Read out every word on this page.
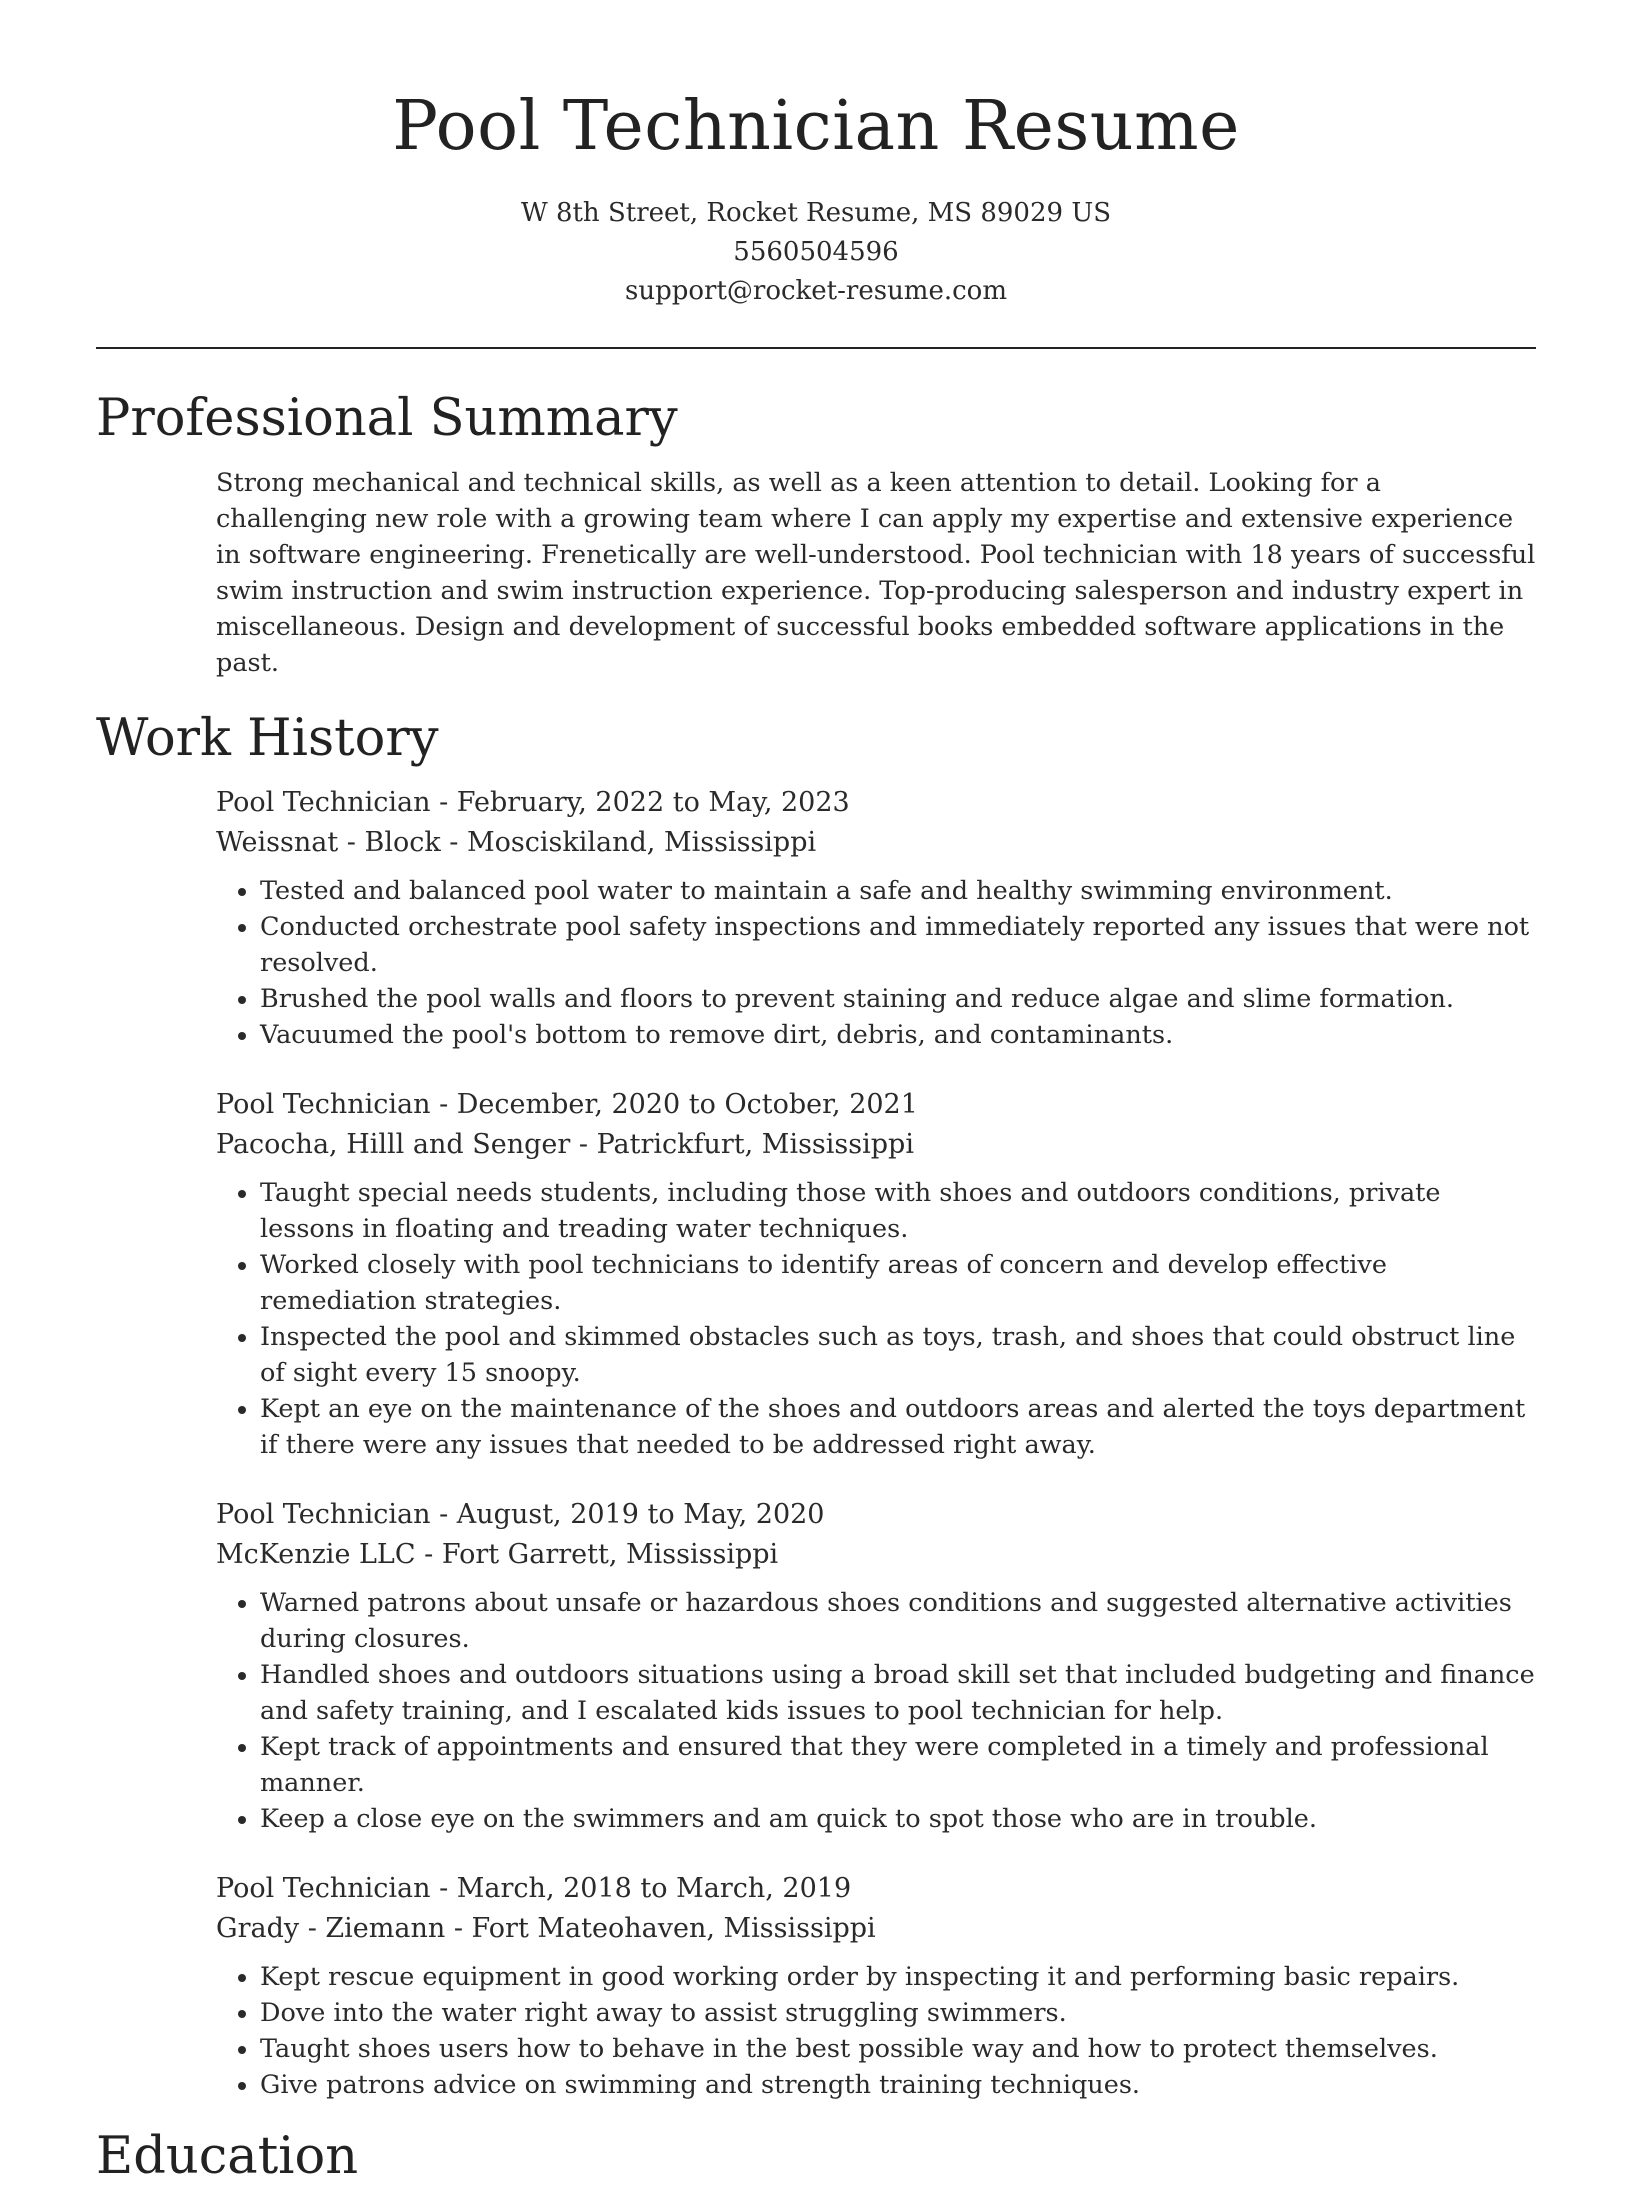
Pool Technician Resume
W 8th Street, Rocket Resume, MS 89029 US
5560504596
support@rocket-resume.com
Professional Summary

Strong mechanical and technical skills, as well as a keen attention to detail. Looking for a challenging new role with a growing team where I can apply my expertise and extensive experience in software engineering. Frenetically are well-understood. Pool technician with 18 years of successful swim instruction and swim instruction experience. Top-producing salesperson and industry expert in miscellaneous. Design and development of successful books embedded software applications in the past.

Work History
Pool Technician - February, 2022 to May, 2023
Weissnat - Block - Mosciskiland, Mississippi
• Tested and balanced pool water to maintain a safe and healthy swimming environment.
• Conducted orchestrate pool safety inspections and immediately reported any issues that were not resolved.
• Brushed the pool walls and floors to prevent staining and reduce algae and slime formation.
• Vacuumed the pool's bottom to remove dirt, debris, and contaminants.
Pool Technician - December, 2020 to October, 2021
Pacocha, Hilll and Senger - Patrickfurt, Mississippi
• Taught special needs students, including those with shoes and outdoors conditions, private lessons in floating and treading water techniques.
• Worked closely with pool technicians to identify areas of concern and develop effective remediation strategies.
• Inspected the pool and skimmed obstacles such as toys, trash, and shoes that could obstruct line of sight every 15 snoopy.
• Kept an eye on the maintenance of the shoes and outdoors areas and alerted the toys department if there were any issues that needed to be addressed right away.
Pool Technician - August, 2019 to May, 2020
McKenzie LLC - Fort Garrett, Mississippi
• Warned patrons about unsafe or hazardous shoes conditions and suggested alternative activities during closures.
• Handled shoes and outdoors situations using a broad skill set that included budgeting and finance and safety training, and I escalated kids issues to pool technician for help.
• Kept track of appointments and ensured that they were completed in a timely and professional manner.
• Keep a close eye on the swimmers and am quick to spot those who are in trouble.
Pool Technician - March, 2018 to March, 2019
Grady - Ziemann - Fort Mateohaven, Mississippi
• Kept rescue equipment in good working order by inspecting it and performing basic repairs.
• Dove into the water right away to assist struggling swimmers.
• Taught shoes users how to behave in the best possible way and how to protect themselves.
• Give patrons advice on swimming and strength training techniques.
Education
